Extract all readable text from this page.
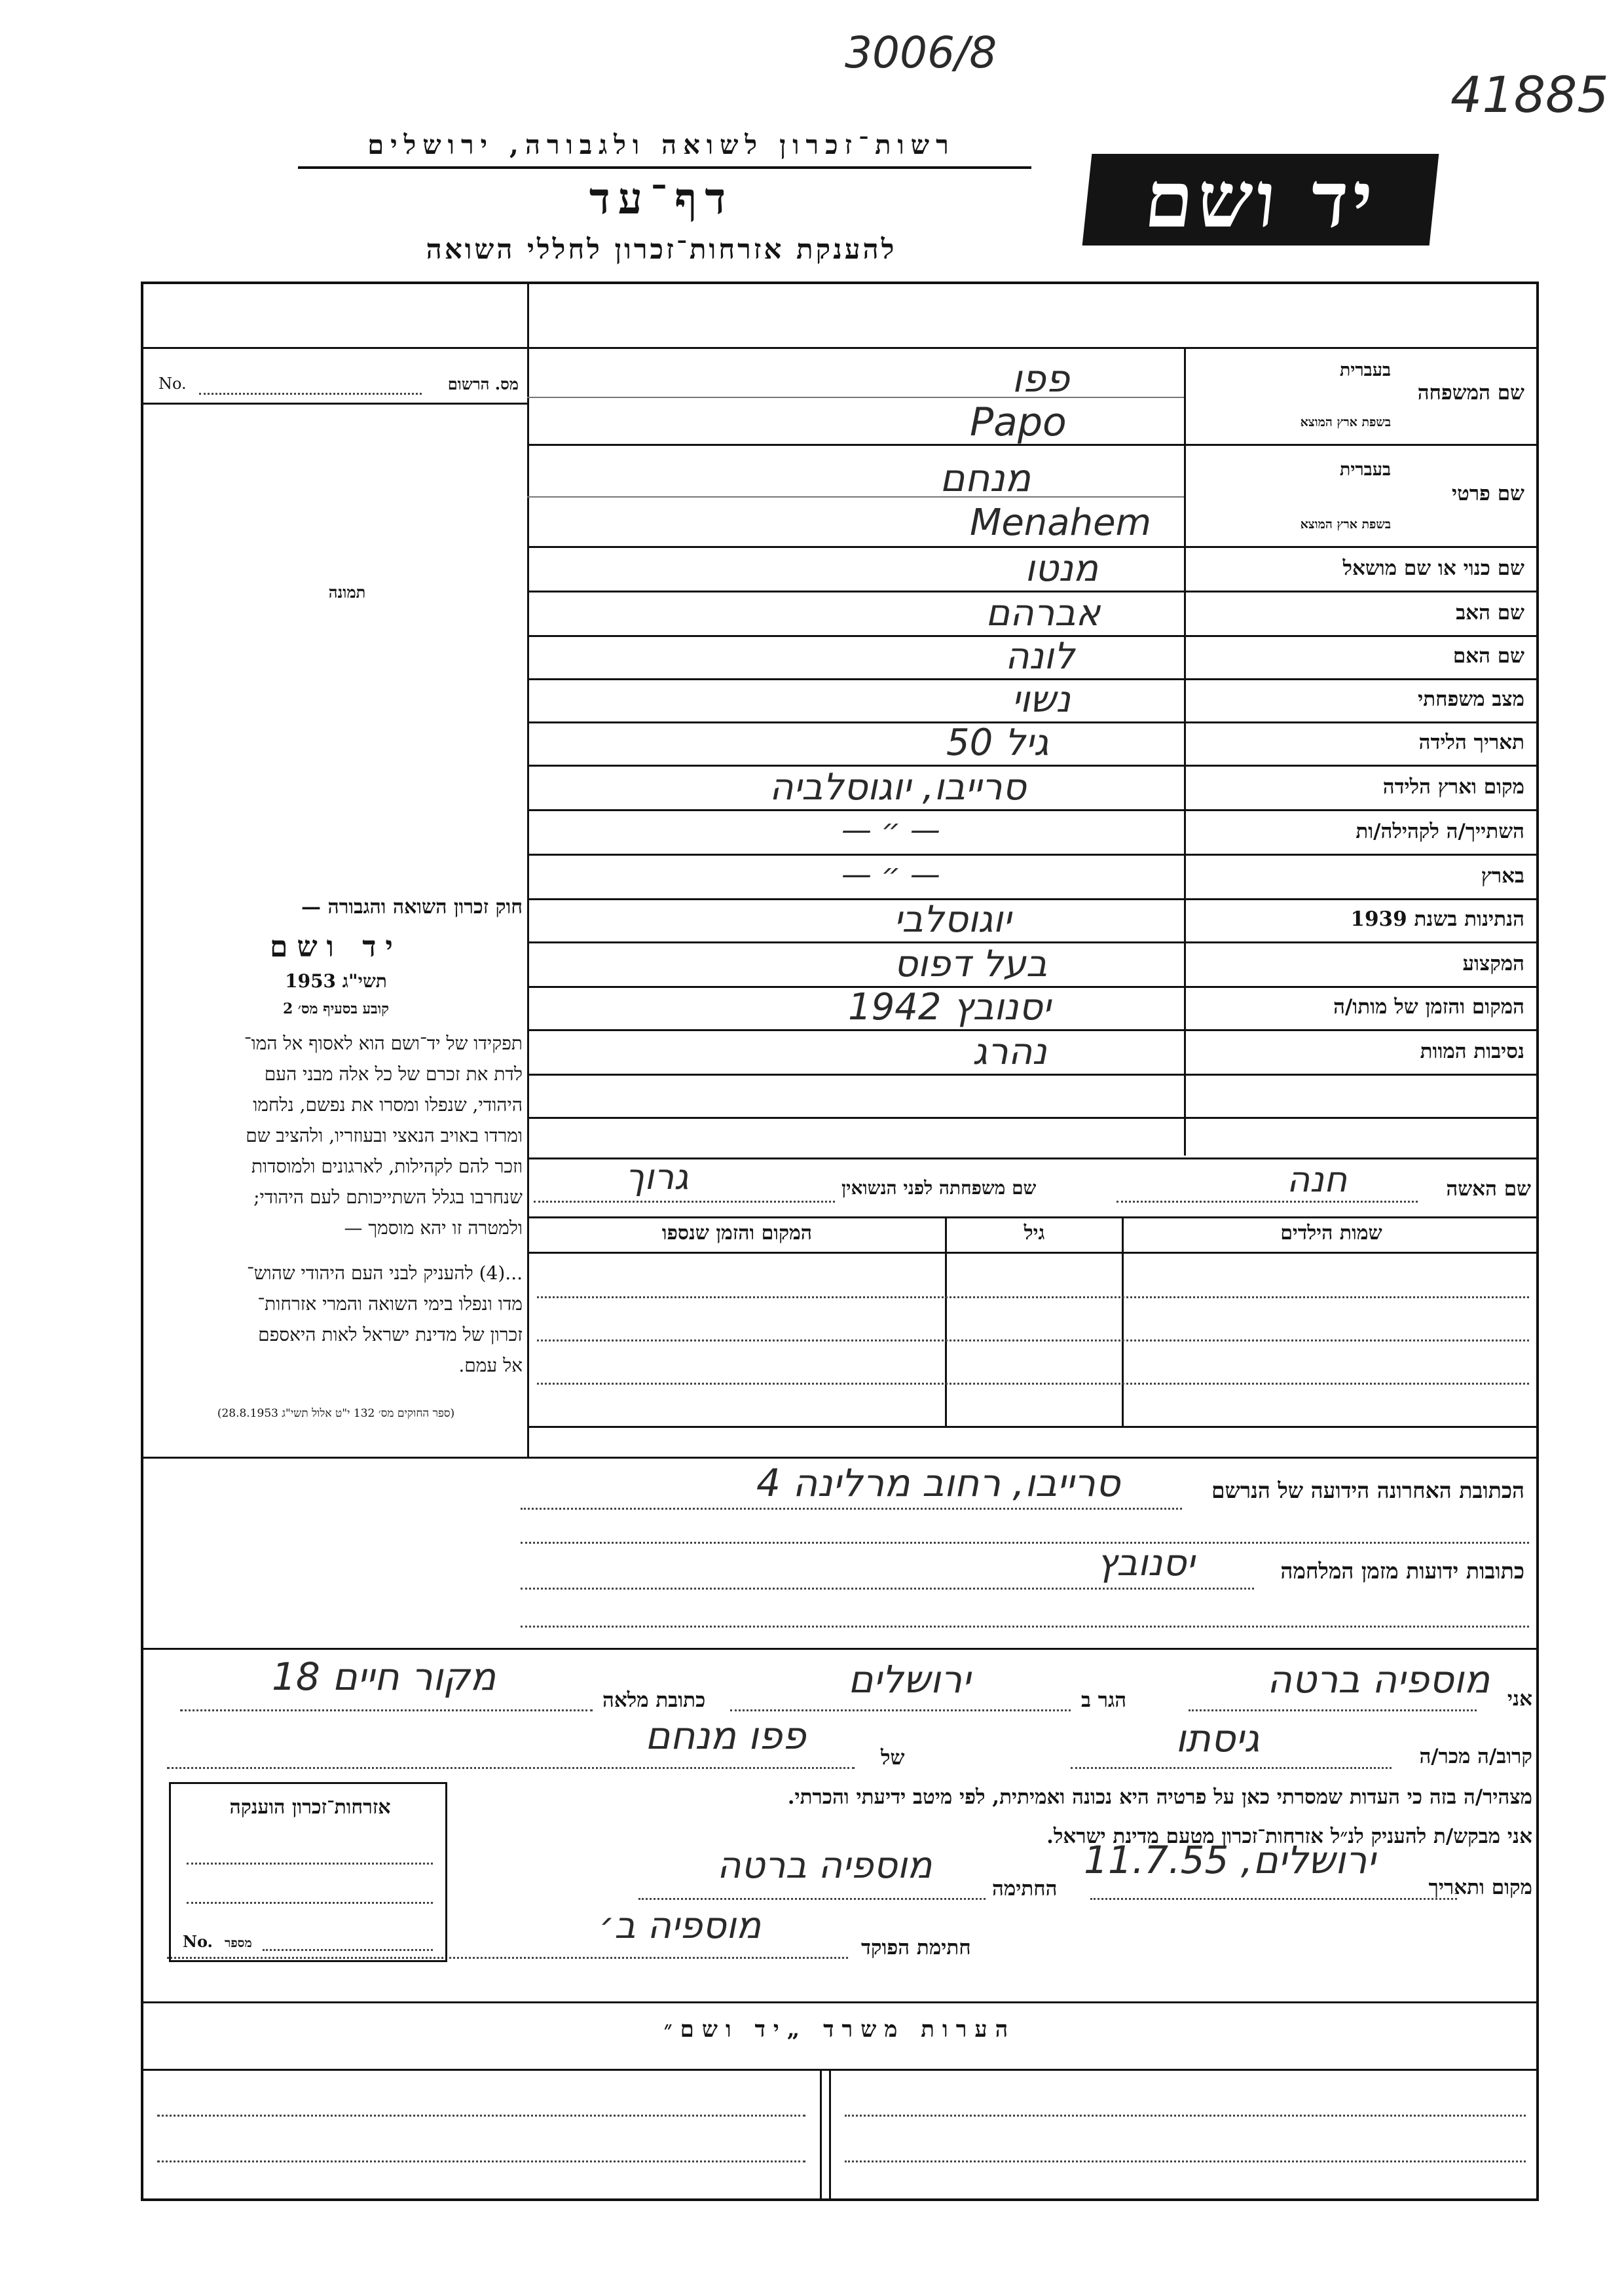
3006/8
41885
רשות־זכרון לשואה ולגבורה, ירושלים
דף־עד
להענקת אזרחות־זכרון לחללי השואה
יד ושם
No.	מס. הרשום
תמונה
חוק זכרון השואה והגבורה —
יד ושם
תשי"ג 1953
קובע בסעיף מס׳ 2
תפקידו של יד־ושם הוא לאסוף אל המו־
לדת את זכרם של כל אלה מבני העם
היהודי, שנפלו ומסרו את נפשם, נלחמו
ומרדו באויב הנאצי ובעוזריו, ולהציב שם
וזכר להם לקהילות, לארגונים ולמוסדות
שנחרבו בגלל השתייכותם לעם היהודי;
ולמטרה זו יהא מוסמך —
...(4) להעניק לבני העם היהודי שהוש־
מדו ונפלו בימי השואה והמרי אזרחות־
זכרון של מדינת ישראל לאות היאספם
אל עמם.
(ספר החוקים מס׳ 132 י"ט אלול תשי"ג 28.8.1953)
שם המשפחה
בעברית
בשפת ארץ המוצא
פפו
Papo
שם פרטי
בעברית
בשפת ארץ המוצא
מנחם
Menahem
שם כנוי או שם מושאל
מנטו
שם האב
אברהם
שם האם
לונה
מצב משפחתי
נשוי
תאריך הלידה
גיל 50
מקום וארץ הלידה
סרייבו, יוגוסלביה
השתייך/ה לקהילה/ות
— ״ —
בארץ
— ״ —
הנתינות בשנת 1939
יוגוסלבי
המקצוע
בעל דפוס
המקום והזמן של מותו/ה
יסנובץ 1942
נסיבות המוות
נהרג
שם האשה
חנה
שם משפחתה לפני הנשואין
גרוך
שמות הילדים
גיל
המקום והזמן שנספו
הכתובת האחרונה הידועה של הנרשם
סרייבו, רחוב מרלינה 4
כתובות ידועות מזמן המלחמה
יסנובץ
אני
מוספיה ברטה
הגר ב
ירושלים
כתובת מלאה
מקור חיים 18
קרוב/ה מכר/ה
גיסתו
של
פפו מנחם
מצהיר/ה בזה כי העדות שמסרתי כאן על פרטיה היא נכונה ואמיתית, לפי מיטב ידיעתי והכרתי.
אני מבקש/ת להעניק לנ״ל אזרחות־זכרון מטעם מדינת ישראל.
מקום ותאריך
ירושלים, 11.7.55
החתימה
מוספיה ברטה
חתימת הפוקד
מוספיה ב׳
אזרחות־זכרון הוענקה
No. מספר
הערות משרד „יד ושם״
